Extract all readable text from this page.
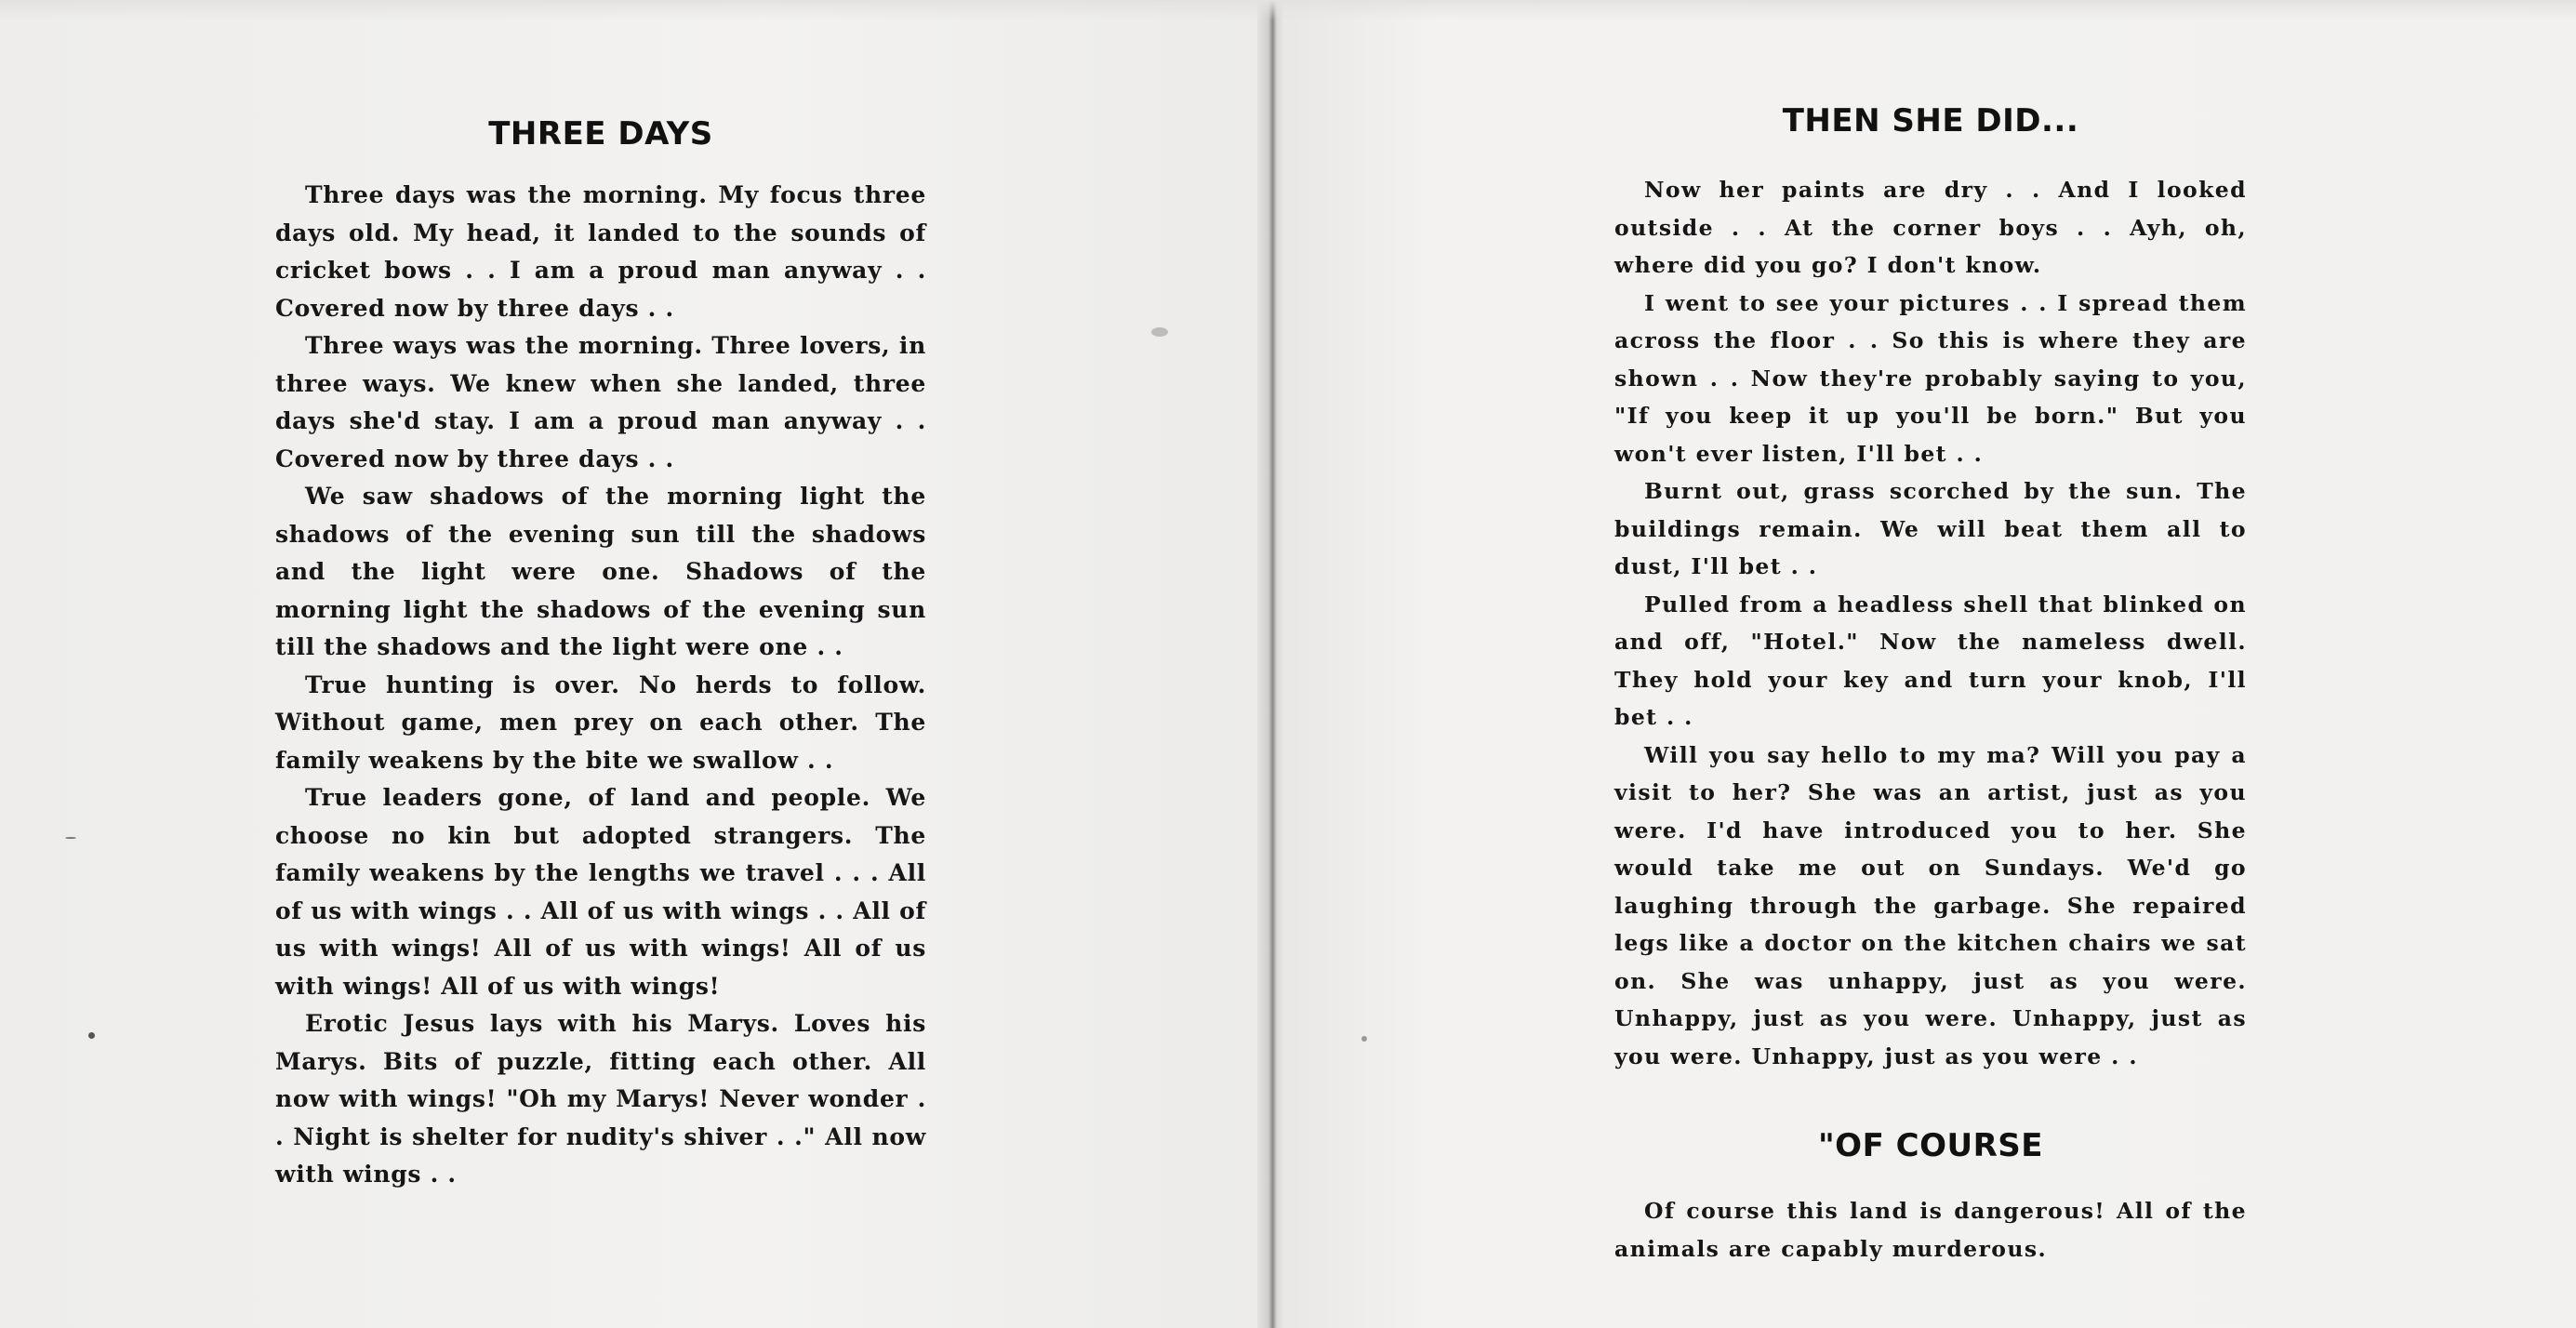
THREE DAYS

Three days was the morning. My focus three days old. My head, it landed to the sounds of cricket bows . . I am a proud man anyway . . Covered now by three days . .

Three ways was the morning. Three lovers, in three ways. We knew when she landed, three days she'd stay. I am a proud man anyway . . Covered now by three days . .

We saw shadows of the morning light the shadows of the evening sun till the shadows and the light were one. Shadows of the morning light the shadows of the evening sun till the shadows and the light were one . .

True hunting is over. No herds to follow. Without game, men prey on each other. The family weakens by the bite we swallow . .

True leaders gone, of land and people. We choose no kin but adopted strangers. The family weakens by the lengths we travel . . . All of us with wings . . All of us with wings . . All of us with wings! All of us with wings! All of us with wings! All of us with wings!

Erotic Jesus lays with his Marys. Loves his Marys. Bits of puzzle, fitting each other. All now with wings! "Oh my Marys! Never wonder . . Night is shelter for nudity's shiver . ." All now with wings . .

THEN SHE DID...

Now her paints are dry . . And I looked outside . . At the corner boys . . Ayh, oh, where did you go? I don't know.

I went to see your pictures . . I spread them across the floor . . So this is where they are shown . . Now they're probably saying to you, "If you keep it up you'll be born." But you won't ever listen, I'll bet . .

Burnt out, grass scorched by the sun. The buildings remain. We will beat them all to dust, I'll bet . .

Pulled from a headless shell that blinked on and off, "Hotel." Now the nameless dwell. They hold your key and turn your knob, I'll bet . .

Will you say hello to my ma? Will you pay a visit to her? She was an artist, just as you were. I'd have introduced you to her. She would take me out on Sundays. We'd go laughing through the garbage. She repaired legs like a doctor on the kitchen chairs we sat on. She was unhappy, just as you were. Unhappy, just as you were. Unhappy, just as you were. Unhappy, just as you were . .

"OF COURSE

Of course this land is dangerous! All of the animals are capably murderous.
